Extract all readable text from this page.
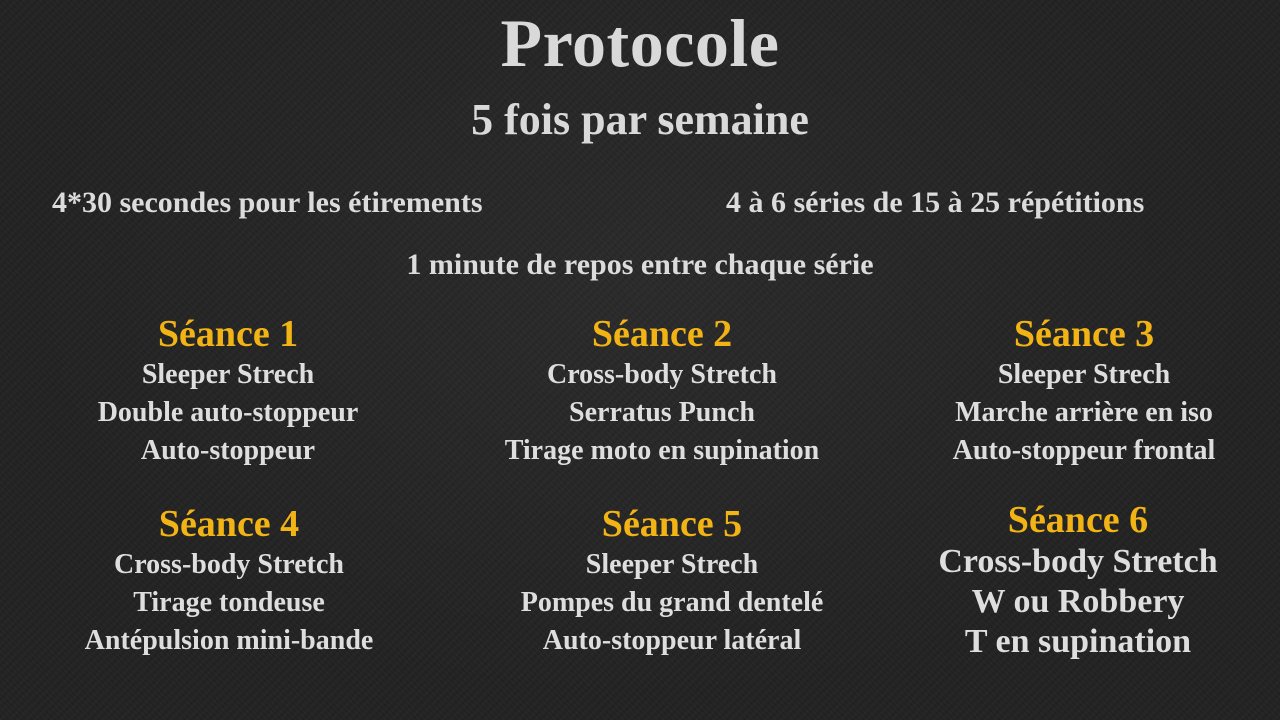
Protocole
5 fois par semaine
4*30 secondes pour les étirements	4 à 6 séries de 15 à 25 répétitions
1 minute de repos entre chaque série
Séance 1
Sleeper Strech
Double auto-stoppeur
Auto-stoppeur
Séance 2
Cross-body Stretch
Serratus Punch
Tirage moto en supination
Séance 3
Sleeper Strech
Marche arrière en iso
Auto-stoppeur frontal
Séance 4
Cross-body Stretch
Tirage tondeuse
Antépulsion mini-bande
Séance 5
Sleeper Strech
Pompes du grand dentelé
Auto-stoppeur latéral
Séance 6
Cross-body Stretch
W ou Robbery
T en supination
